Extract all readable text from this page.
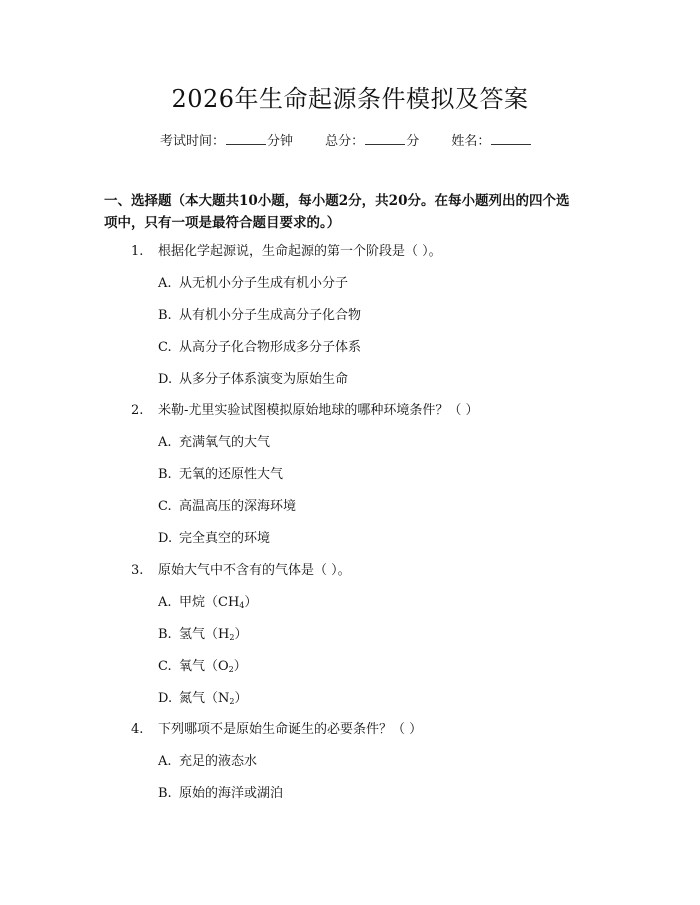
2026年生命起源条件模拟及答案
考试时间：	分钟 总分：	分 姓名：
一、选择题（本大题共10小题，每小题2分，共20分。在每小题列出的四个选
项中，只有一项是最符合题目要求的。）
1. 根据化学起源说，生命起源的第一个阶段是（ ）。
A. 从无机小分子生成有机小分子
B. 从有机小分子生成高分子化合物
C. 从高分子化合物形成多分子体系
D. 从多分子体系演变为原始生命
2. 米勒-尤里实验试图模拟原始地球的哪种环境条件？（ ）
A. 充满氧气的大气
B. 无氧的还原性大气
C. 高温高压的深海环境
D. 完全真空的环境
3. 原始大气中不含有的气体是（ ）。
A. 甲烷$(CH_4)$
B. 氢气$(H_2)$
C. 氧气$(O_2)$
D. 氮气$(N_2)$
4. 下列哪项不是原始生命诞生的必要条件？（ ）
A. 充足的液态水
B. 原始的海洋或湖泊
